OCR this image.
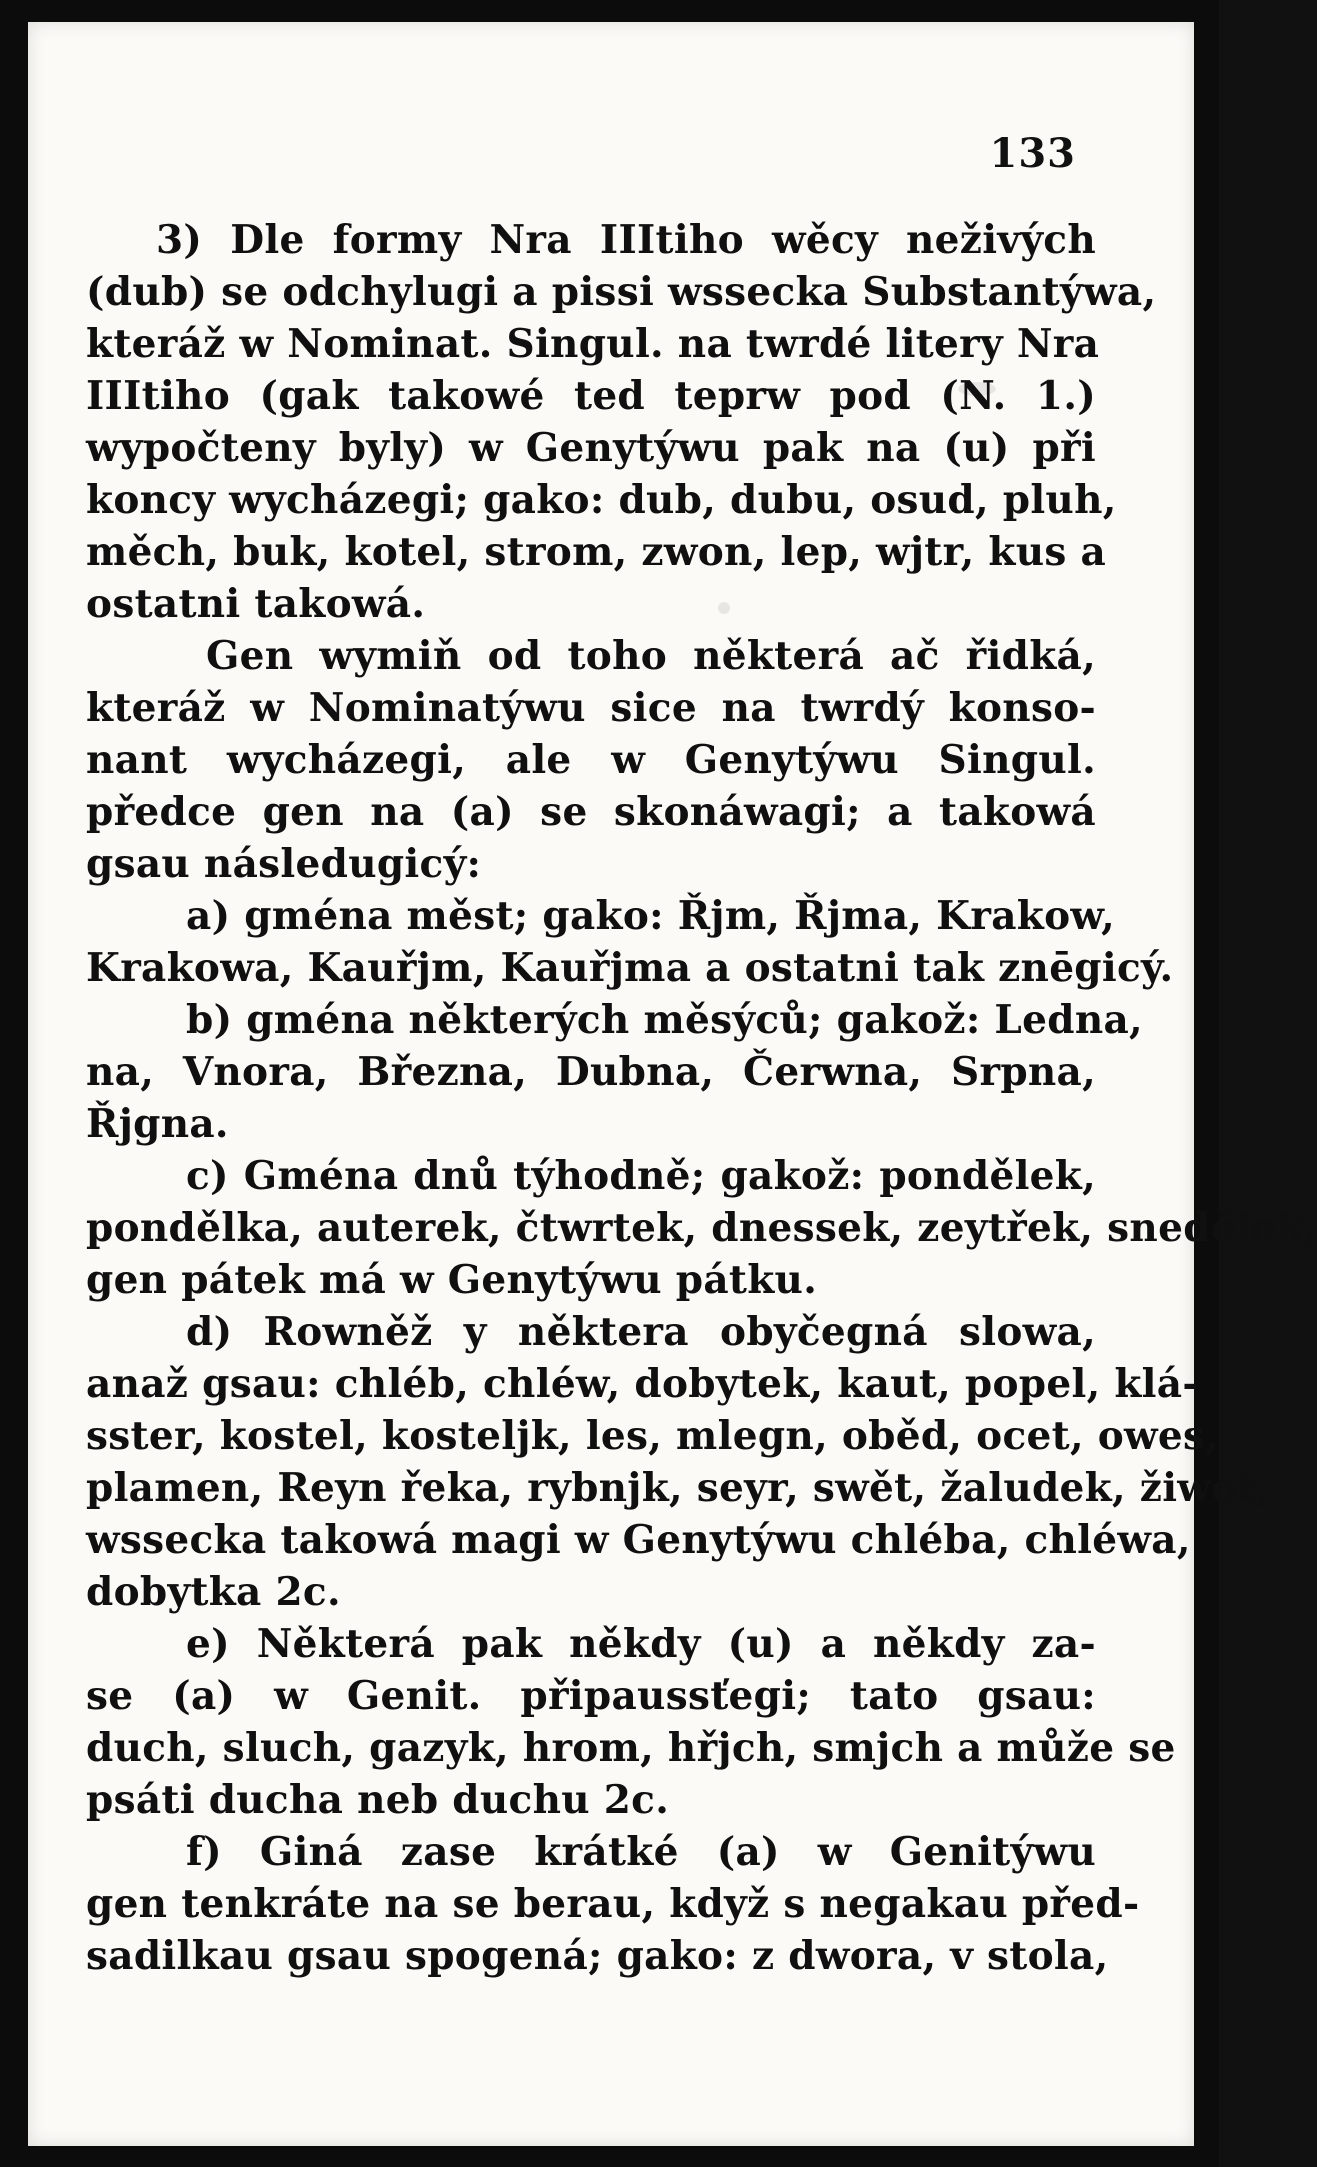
133
3) Dle formy Nra IIItiho wěcy neživých
(dub) se odchylugi a pissi wssecka Substantýwa,
kteráž w Nominat. Singul. na twrdé litery Nra
IIItiho (gak takowé ted teprw pod (N. 1.)
wypočteny byly) w Genytýwu pak na (u) při
koncy wycházegi; gako: dub, dubu, osud, pluh,
měch, buk, kotel, strom, zwon, lep, wjtr, kus a
ostatni takowá.
Gen wymiň od toho některá ač řidká,
kteráž w Nominatýwu sice na twrdý konso-
nant wycházegi, ale w Genytýwu Singul.
předce gen na (a) se skonáwagi; a takowá
gsau následugicý:
a) gména měst; gako: Řjm, Řjma, Krakow,
Krakowa, Kauřjm, Kauřjma a ostatni tak znēgicý.
b) gména některých měsýců; gakož: Ledna,
na, Vnora, Března, Dubna, Čerwna, Srpna,
Řjgna.
c) Gména dnů týhodně; gakož: pondělek,
pondělka, auterek, čtwrtek, dnessek, zeytřek, snedělek,
gen pátek má w Genytýwu pátku.
d) Rowněž y některa obyčegná slowa,
anaž gsau: chléb, chléw, dobytek, kaut, popel, klá-
sster, kostel, kosteljk, les, mlegn, oběd, ocet, owes,
plamen, Reyn řeka, rybnjk, seyr, swět, žaludek, žiwot,
wssecka takowá magi w Genytýwu chléba, chléwa,
dobytka 2c.
e) Některá pak někdy (u) a někdy za-
se (a) w Genit. připaussťegi; tato gsau:
duch, sluch, gazyk, hrom, hřjch, smjch a může se
psáti ducha neb duchu 2c.
f) Giná zase krátké (a) w Genitýwu
gen tenkráte na se berau, když s negakau před-
sadilkau gsau spogená; gako: z dwora, v stola,
